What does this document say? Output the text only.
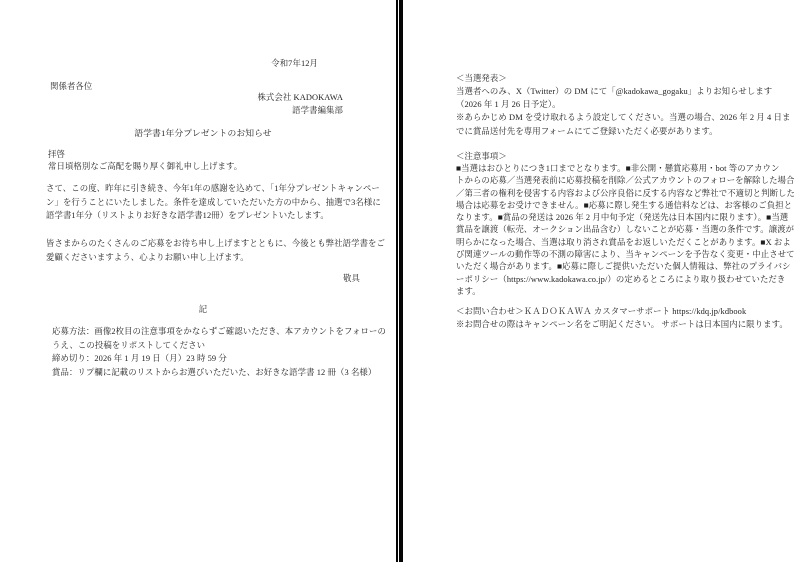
令和7年12月
関係者各位
株式会社 KADOKAWA
語学書編集部
語学書1年分プレゼントのお知らせ
拝啓
常日頃格別なご高配を賜り厚く御礼申し上げます。
さて、この度、昨年に引き続き、今年1年の感謝を込めて、「1年分プレゼントキャンペー
ン」を行うことにいたしました。条件を達成していただいた方の中から、抽選で3名様に
語学書1年分（リストよりお好きな語学書12冊）をプレゼントいたします。
皆さまからのたくさんのご応募をお待ち申し上げますとともに、今後とも弊社語学書をご
愛顧くださいますよう、心よりお願い申し上げます。
敬具
記
応募方法：画像2枚目の注意事項をかならずご確認いただき、本アカウントをフォローの
うえ、この投稿をリポストしてください
締め切り：2026 年 1 月 19 日（月）23 時 59 分
賞品：リプ欄に記載のリストからお選びいただいた、お好きな語学書 12 冊（3 名様）
＜当選発表＞
当選者へのみ、X（Twitter）の DM にて「@kadokawa_gogaku」よりお知らせします
（2026 年 1 月 26 日予定）。
※あらかじめ DM を受け取れるよう設定してください。当選の場合、2026 年 2 月 4 日ま
でに賞品送付先を専用フォームにてご登録いただく必要があります。
＜注意事項＞
■当選はおひとりにつき1口までとなります。■非公開・懸賞応募用・bot 等のアカウン
トからの応募／当選発表前に応募投稿を削除／公式アカウントのフォローを解除した場合
／第三者の権利を侵害する内容および公序良俗に反する内容など弊社で不適切と判断した
場合は応募をお受けできません。■応募に際し発生する通信料などは、お客様のご負担と
なります。■賞品の発送は 2026 年 2 月中旬予定（発送先は日本国内に限ります）。■当選
賞品を譲渡（転売、オークション出品含む）しないことが応募・当選の条件です。譲渡が
明らかになった場合、当選は取り消され賞品をお返しいただくことがあります。■X およ
び関連ツールの動作等の不測の障害により、当キャンペーンを予告なく変更・中止させて
いただく場合があります。■応募に際しご提供いただいた個人情報は、弊社のプライバシ
ーポリシー（https://www.kadokawa.co.jp/）の定めるところにより取り扱わせていただき
ます。
＜お問い合わせ＞ＫＡＤＯＫＡＷＡ カスタマーサポート https://kdq.jp/kdbook
※お問合せの際はキャンペーン名をご明記ください。 サポートは日本国内に限ります。
